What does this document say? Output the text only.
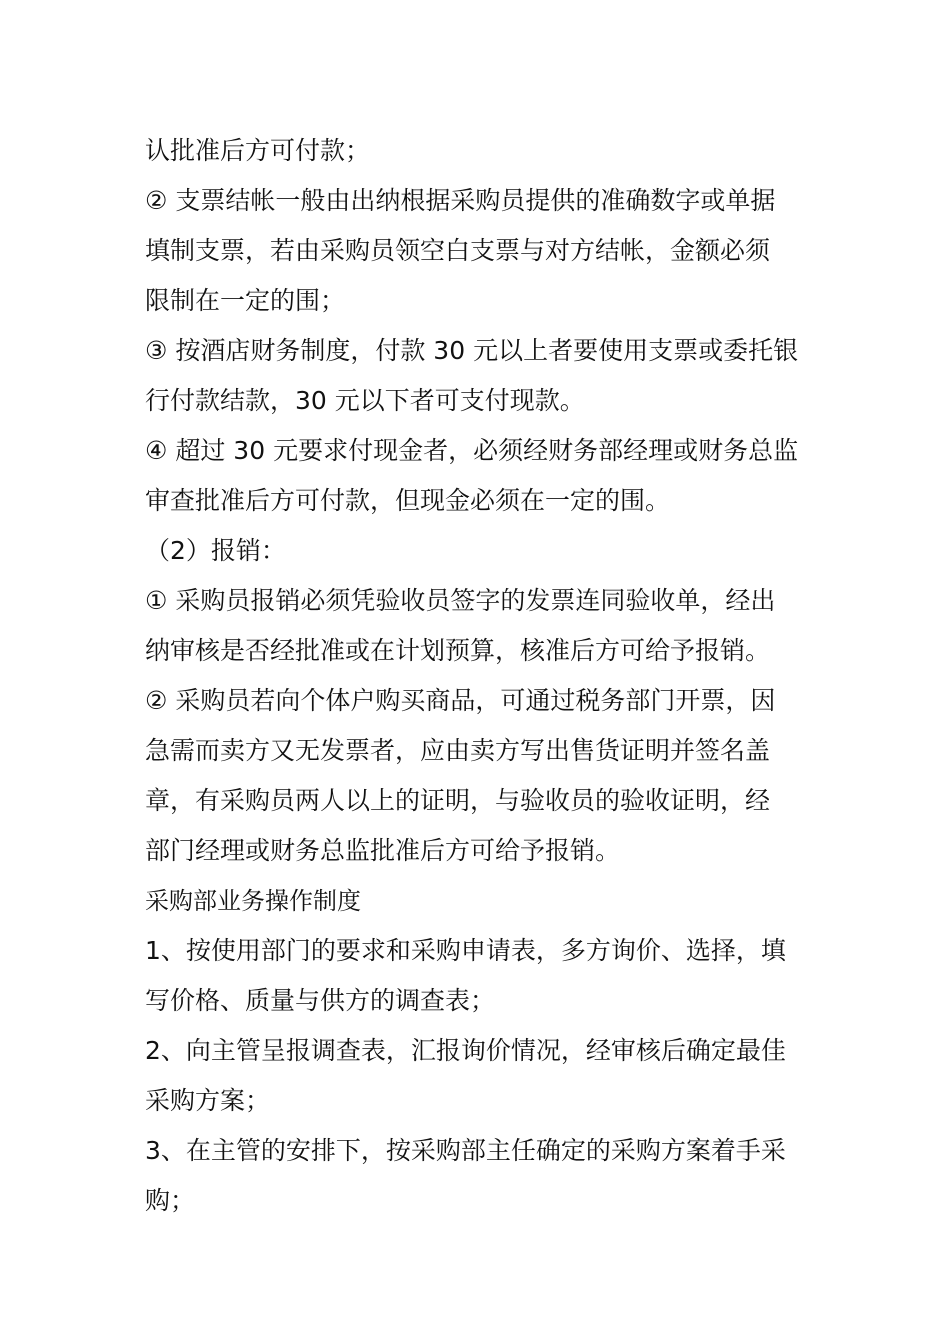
认批准后方可付款；
② 支票结帐一般由出纳根据采购员提供的准确数字或单据
填制支票，若由采购员领空白支票与对方结帐，金额必须
限制在一定的围；
③ 按酒店财务制度，付款 30 元以上者要使用支票或委托银
行付款结款，30 元以下者可支付现款。
④ 超过 30 元要求付现金者，必须经财务部经理或财务总监
审查批准后方可付款，但现金必须在一定的围。
（2）报销：
① 采购员报销必须凭验收员签字的发票连同验收单，经出
纳审核是否经批准或在计划预算，核准后方可给予报销。
② 采购员若向个体户购买商品，可通过税务部门开票，因
急需而卖方又无发票者，应由卖方写出售货证明并签名盖
章，有采购员两人以上的证明，与验收员的验收证明，经
部门经理或财务总监批准后方可给予报销。
采购部业务操作制度
1、按使用部门的要求和采购申请表，多方询价、选择，填
写价格、质量与供方的调查表；
2、向主管呈报调查表，汇报询价情况，经审核后确定最佳
采购方案；
3、在主管的安排下，按采购部主任确定的采购方案着手采
购；
